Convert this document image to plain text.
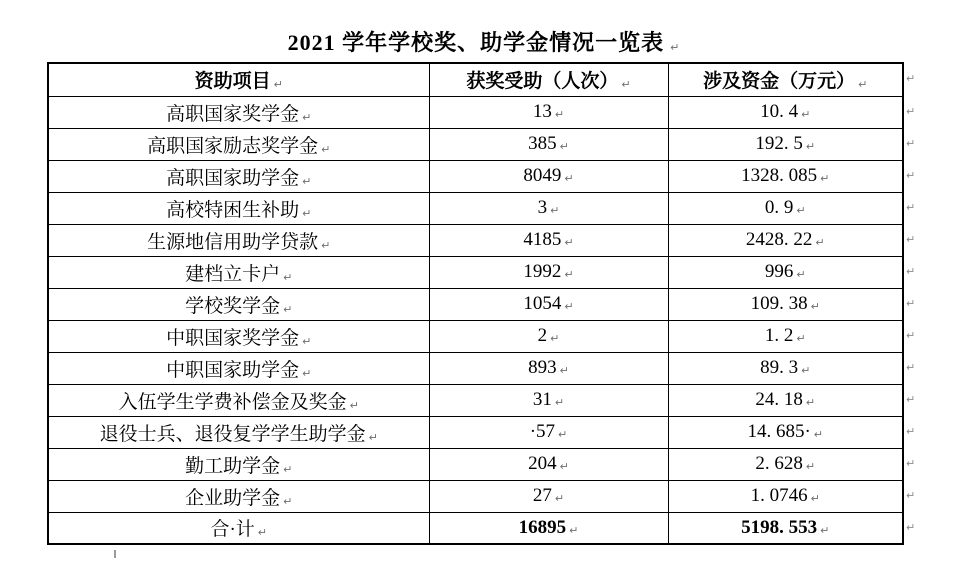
2021 学年学校奖、助学金情况一览表 ↵
资助项目 ↵	获奖受助（人次） ↵	涉及资金（万元） ↵
高职国家奖学金 ↵	13 ↵	10. 4 ↵
高职国家励志奖学金 ↵	385 ↵	192. 5 ↵
高职国家助学金 ↵	8049 ↵	1328. 085 ↵
高校特困生补助 ↵	3 ↵	0. 9 ↵
生源地信用助学贷款 ↵	4185 ↵	2428. 22 ↵
建档立卡户 ↵	1992 ↵	996 ↵
学校奖学金 ↵	1054 ↵	109. 38 ↵
中职国家奖学金 ↵	2 ↵	1. 2 ↵
中职国家助学金 ↵	893 ↵	89. 3 ↵
入伍学生学费补偿金及奖金 ↵	31 ↵	24. 18 ↵
退役士兵、退役复学学生助学金 ↵	·57 ↵	14. 685· ↵
勤工助学金 ↵	204 ↵	2. 628 ↵
企业助学金 ↵	27 ↵	1. 0746 ↵
合·计 ↵	16895 ↵	5198. 553 ↵
↵
↵
↵
↵
↵
↵
↵
↵
↵
↵
↵
↵
↵
↵
↵
